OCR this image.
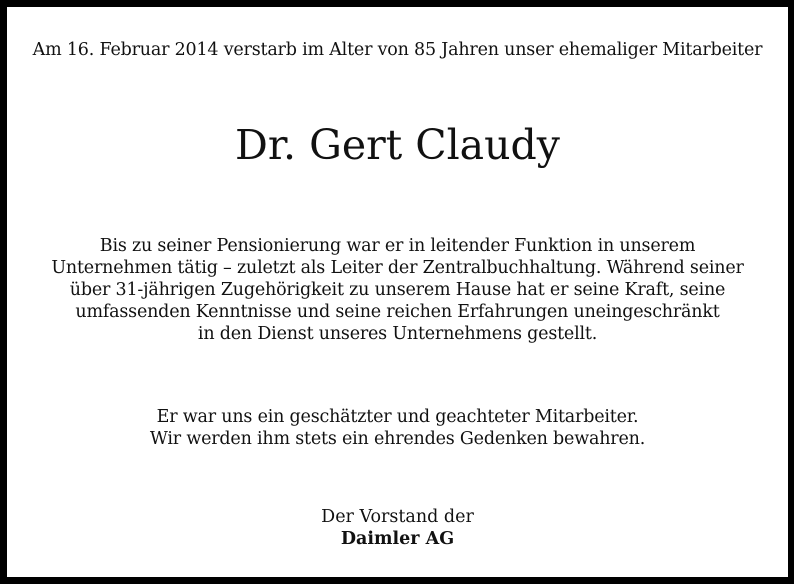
Am 16. Februar 2014 verstarb im Alter von 85 Jahren unser ehemaliger Mitarbeiter
Dr. Gert Claudy
Bis zu seiner Pensionierung war er in leitender Funktion in unserem
Unternehmen tätig – zuletzt als Leiter der Zentralbuchhaltung. Während seiner
über 31-jährigen Zugehörigkeit zu unserem Hause hat er seine Kraft, seine
umfassenden Kenntnisse und seine reichen Erfahrungen uneingeschränkt
in den Dienst unseres Unternehmens gestellt.
Er war uns ein geschätzter und geachteter Mitarbeiter.
Wir werden ihm stets ein ehrendes Gedenken bewahren.
Der Vorstand der
Daimler AG
